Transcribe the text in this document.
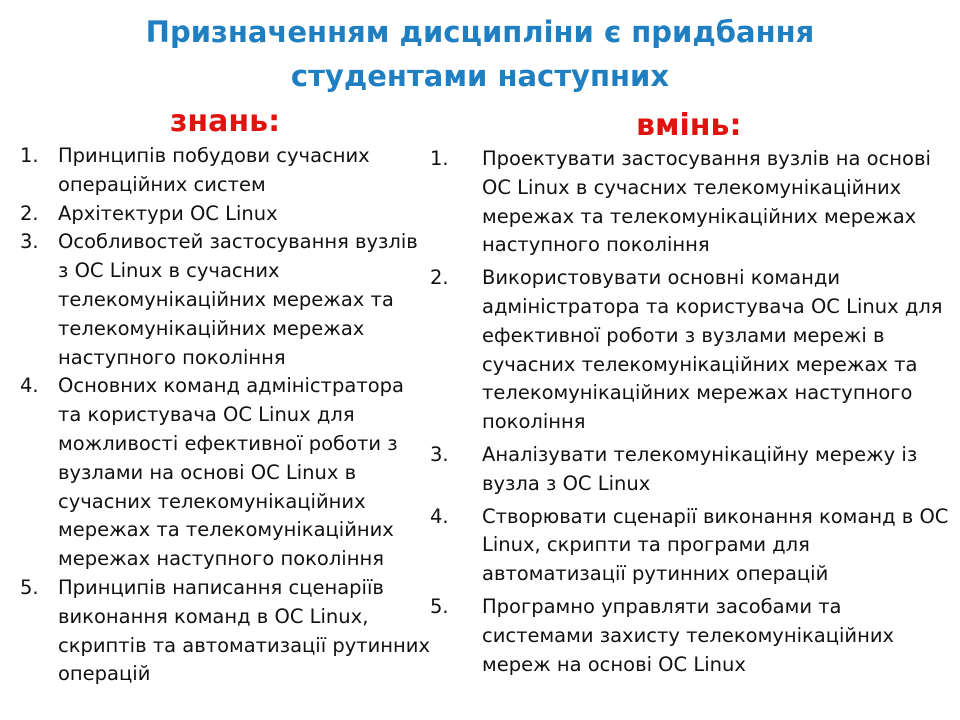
Призначенням дисципліни є придбання
студентами наступних
знань:	вмінь:
1. Принципів побудови сучасних операційних систем
2. Архітектури ОС Linux
3. Особливостей застосування вузлів з ОС Linux в сучасних телекомунікаційних мережах та телекомунікаційних мережах наступного покоління
4. Основних команд адміністратора та користувача ОС Linux для можливості ефективної роботи з вузлами на основі ОС Linux в сучасних телекомунікаційних мережах та телекомунікаційних мережах наступного покоління
5. Принципів написання сценаріїв виконання команд в ОС Linux, скриптів та автоматизації рутинних операцій
1. Проектувати застосування вузлів на основі ОС Linux в сучасних телекомунікаційних мережах та телекомунікаційних мережах наступного покоління
2. Використовувати основні команди адміністратора та користувача ОС Linux для ефективної роботи з вузлами мережі в сучасних телекомунікаційних мережах та телекомунікаційних мережах наступного покоління
3. Аналізувати телекомунікаційну мережу із вузла з ОС Linux
4. Створювати сценарії виконання команд в ОС Linux, скрипти та програми для автоматизації рутинних операцій
5. Програмно управляти засобами та системами захисту телекомунікаційних мереж на основі ОС Linux
